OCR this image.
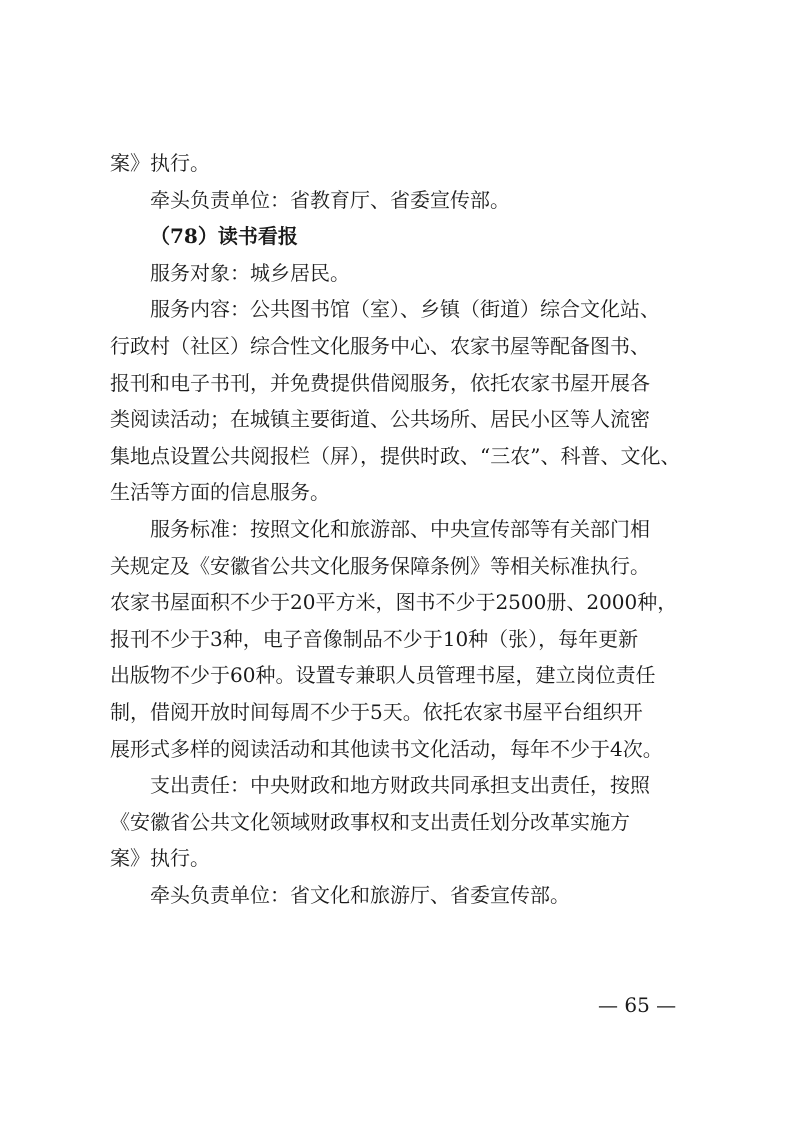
案》执行。
牵头负责单位：省教育厅、省委宣传部。
（78）读书看报
服务对象：城乡居民。
服务内容：公共图书馆（室）、乡镇（街道）综合文化站、
行政村（社区）综合性文化服务中心、农家书屋等配备图书、
报刊和电子书刊，并免费提供借阅服务，依托农家书屋开展各
类阅读活动；在城镇主要街道、公共场所、居民小区等人流密
集地点设置公共阅报栏（屏），提供时政、“三农”、科普、文化、
生活等方面的信息服务。
服务标准：按照文化和旅游部、中央宣传部等有关部门相
关规定及《安徽省公共文化服务保障条例》等相关标准执行。
农家书屋面积不少于20平方米，图书不少于2500册、2000种，
报刊不少于3种，电子音像制品不少于10种（张），每年更新
出版物不少于60种。设置专兼职人员管理书屋，建立岗位责任
制，借阅开放时间每周不少于5天。依托农家书屋平台组织开
展形式多样的阅读活动和其他读书文化活动，每年不少于4次。
支出责任：中央财政和地方财政共同承担支出责任，按照
《安徽省公共文化领域财政事权和支出责任划分改革实施方
案》执行。
牵头负责单位：省文化和旅游厅、省委宣传部。
— 65 —
